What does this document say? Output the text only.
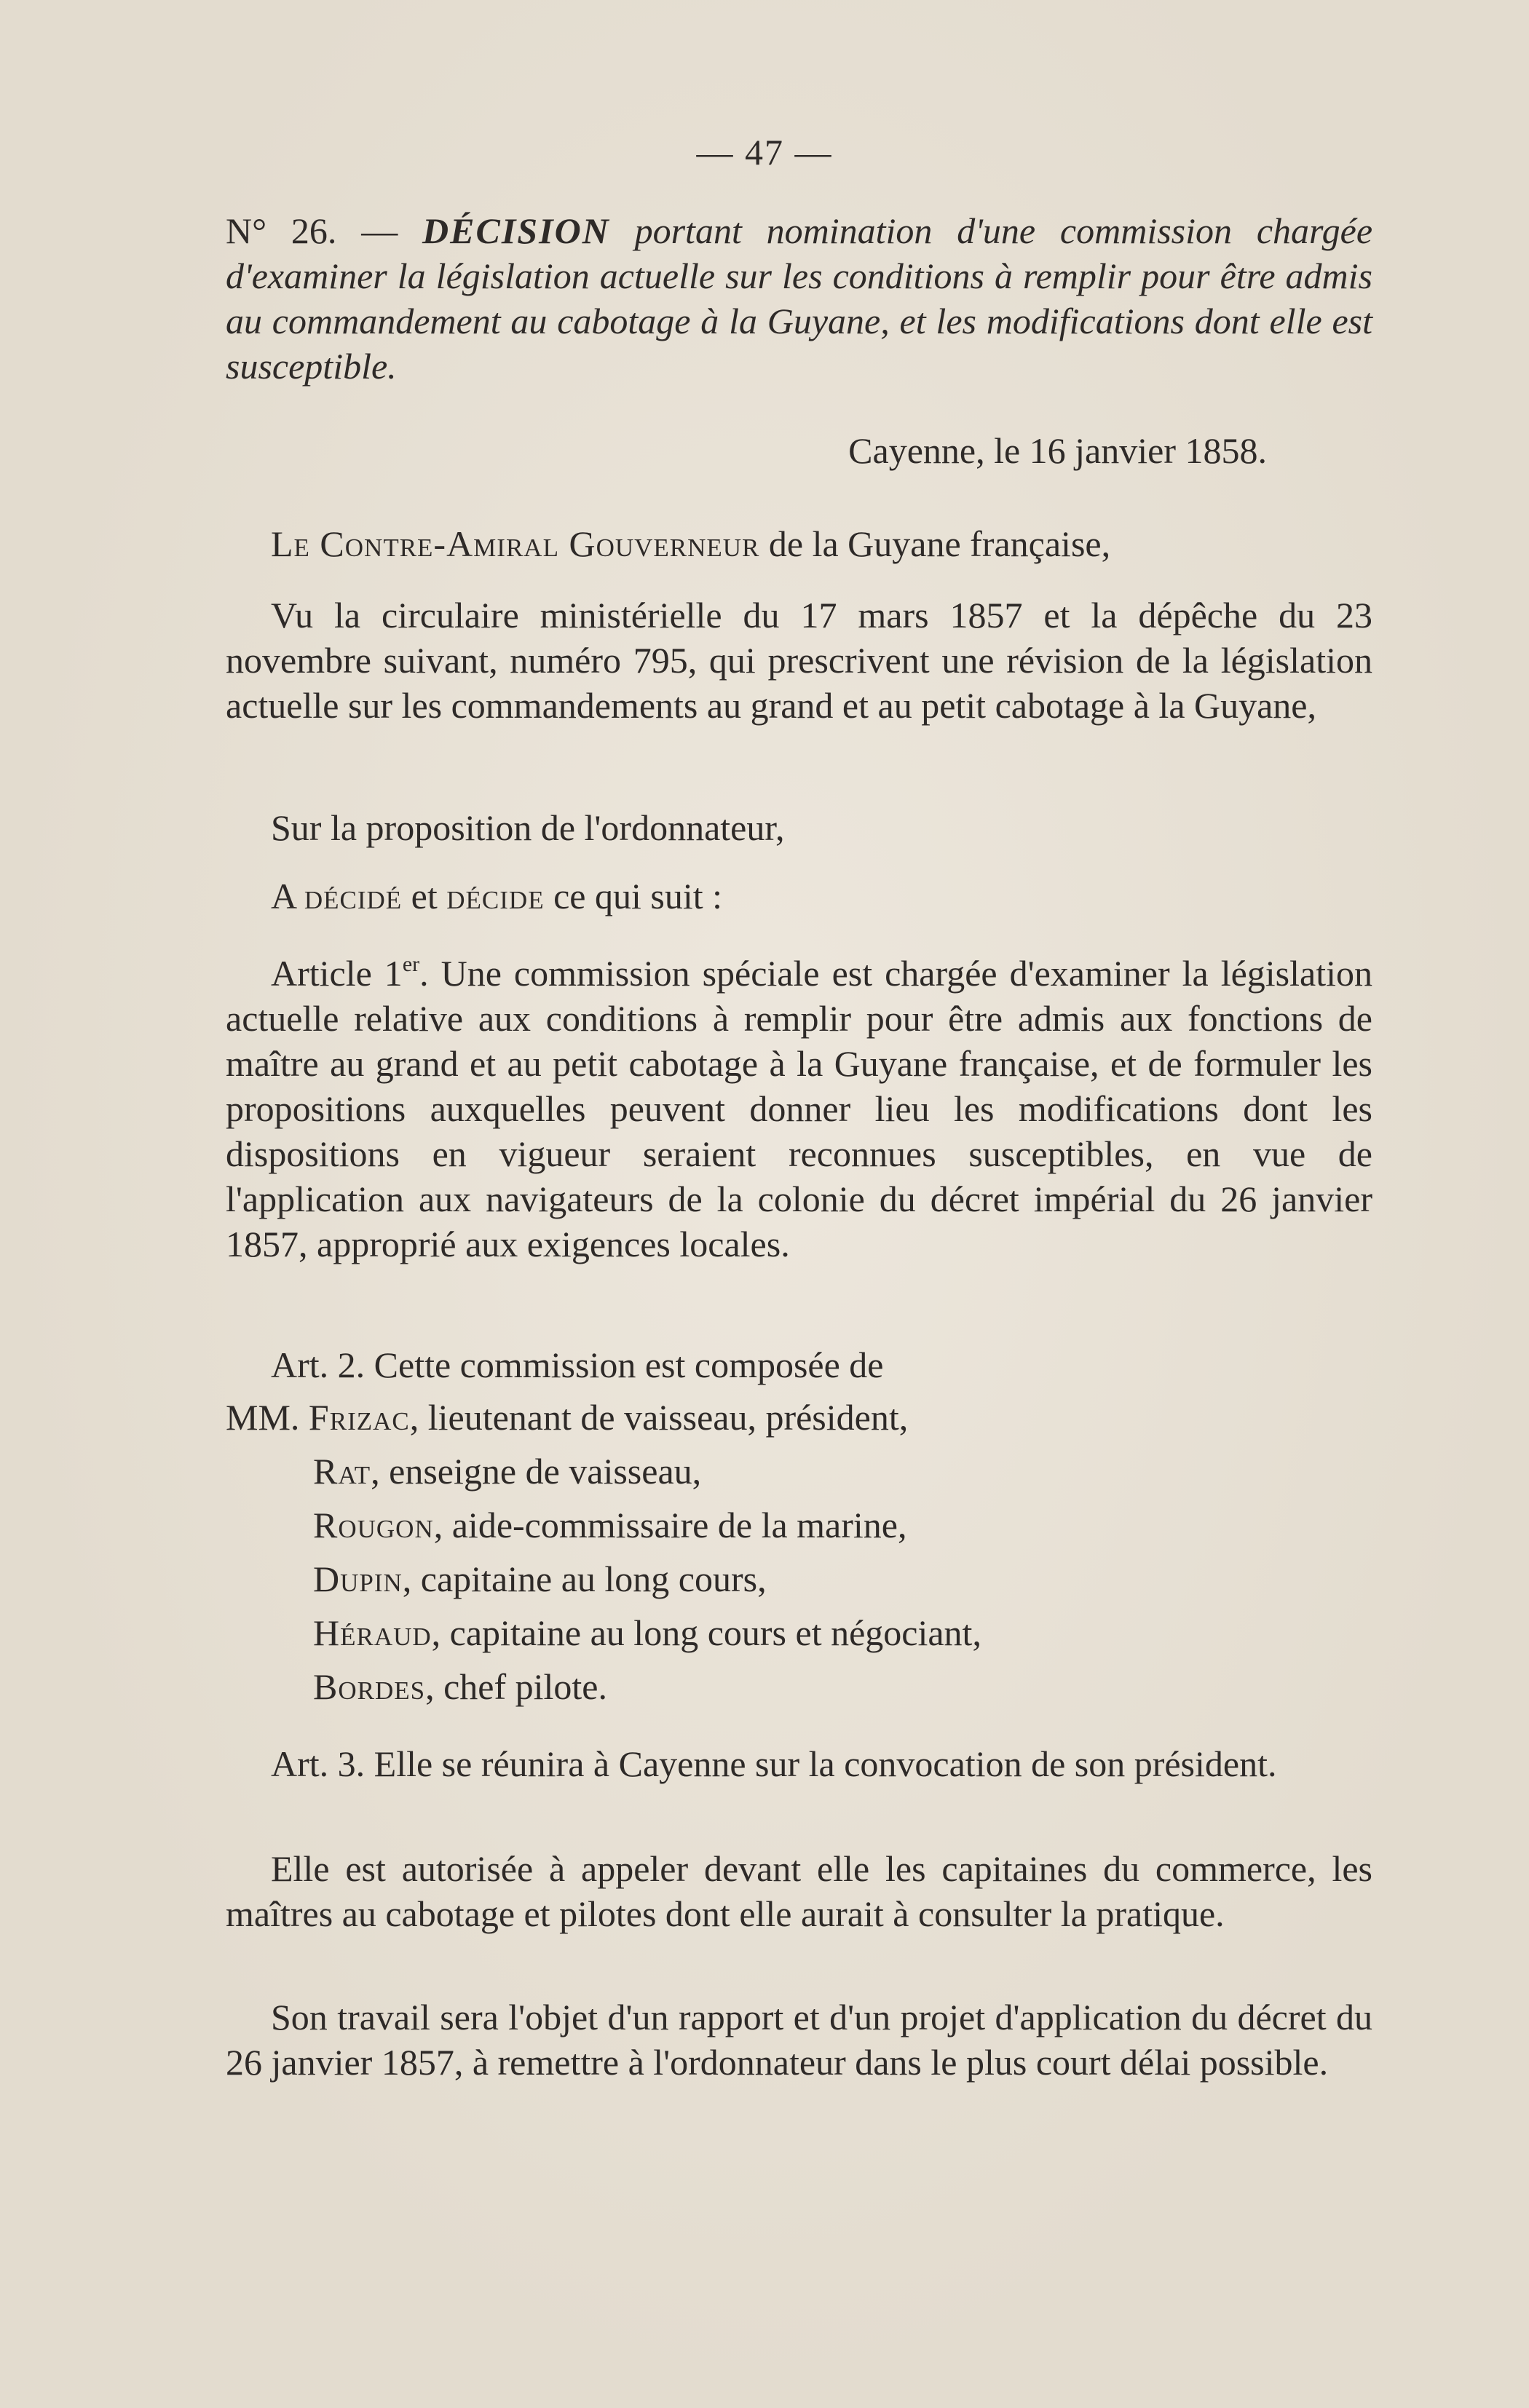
— 47 —
N° 26. — DÉCISION portant nomination d'une commission chargée d'examiner la législation actuelle sur les conditions à remplir pour être admis au commandement au cabotage à la Guyane, et les modifications dont elle est susceptible.
Cayenne, le 16 janvier 1858.
Le Contre-Amiral Gouverneur de la Guyane française,
Vu la circulaire ministérielle du 17 mars 1857 et la dépêche du 23 novembre suivant, numéro 795, qui prescrivent une révision de la législation actuelle sur les commandements au grand et au petit cabotage à la Guyane,
Sur la proposition de l'ordonnateur,
A décidé et décide ce qui suit :
Article 1er. Une commission spéciale est chargée d'examiner la législation actuelle relative aux conditions à remplir pour être admis aux fonctions de maître au grand et au petit cabotage à la Guyane française, et de formuler les propositions auxquelles peuvent donner lieu les modifications dont les dispositions en vigueur seraient reconnues susceptibles, en vue de l'application aux navigateurs de la colonie du décret impérial du 26 janvier 1857, approprié aux exigences locales.
Art. 2. Cette commission est composée de
MM. Frizac, lieutenant de vaisseau, président,
Rat, enseigne de vaisseau,
Rougon, aide-commissaire de la marine,
Dupin, capitaine au long cours,
Héraud, capitaine au long cours et négociant,
Bordes, chef pilote.
Art. 3. Elle se réunira à Cayenne sur la convocation de son président.
Elle est autorisée à appeler devant elle les capitaines du commerce, les maîtres au cabotage et pilotes dont elle aurait à consulter la pratique.
Son travail sera l'objet d'un rapport et d'un projet d'application du décret du 26 janvier 1857, à remettre à l'ordonnateur dans le plus court délai possible.
